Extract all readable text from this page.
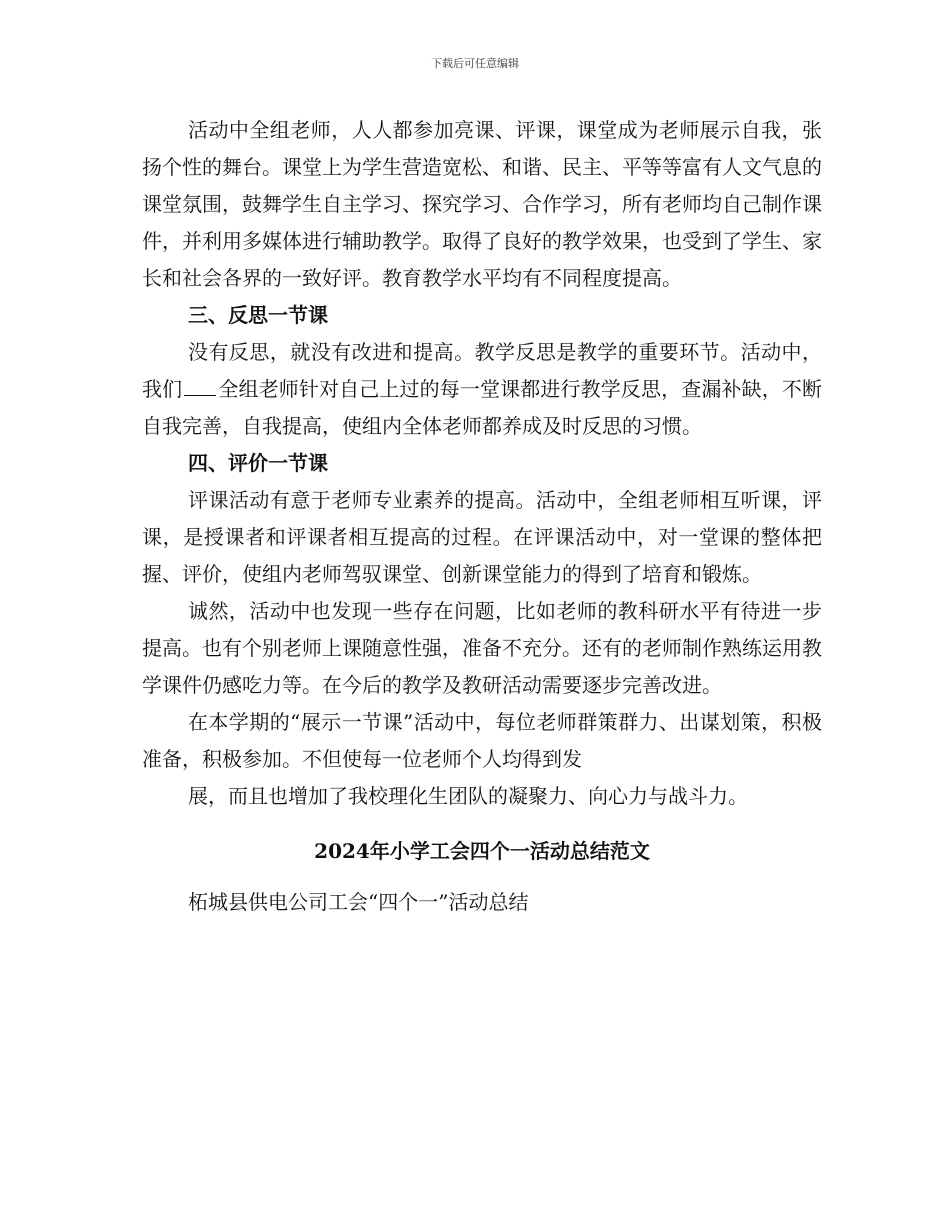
下载后可任意编辑

活动中全组老师，人人都参加亮课、评课，课堂成为老师展示自我，张扬个性的舞台。课堂上为学生营造宽松、和谐、民主、平等等富有人文气息的课堂氛围，鼓舞学生自主学习、探究学习、合作学习，所有老师均自己制作课件，并利用多媒体进行辅助教学。取得了良好的教学效果，也受到了学生、家长和社会各界的一致好评。教育教学水平均有不同程度提高。

三、反思一节课

没有反思，就没有改进和提高。教学反思是教学的重要环节。活动中，我们 全组老师针对自己上过的每一堂课都进行教学反思，查漏补缺，不断自我完善，自我提高，使组内全体老师都养成及时反思的习惯。

四、评价一节课

评课活动有意于老师专业素养的提高。活动中，全组老师相互听课，评课，是授课者和评课者相互提高的过程。在评课活动中，对一堂课的整体把握、评价，使组内老师驾驭课堂、创新课堂能力的得到了培育和锻炼。

诚然，活动中也发现一些存在问题，比如老师的教科研水平有待进一步提高。也有个别老师上课随意性强，准备不充分。还有的老师制作熟练运用教学课件仍感吃力等。在今后的教学及教研活动需要逐步完善改进。

在本学期的“展示一节课”活动中，每位老师群策群力、出谋划策，积极准备，积极参加。不但使每一位老师个人均得到发

展，而且也增加了我校理化生团队的凝聚力、向心力与战斗力。

2024年小学工会四个一活动总结范文

柘城县供电公司工会“四个一”活动总结
